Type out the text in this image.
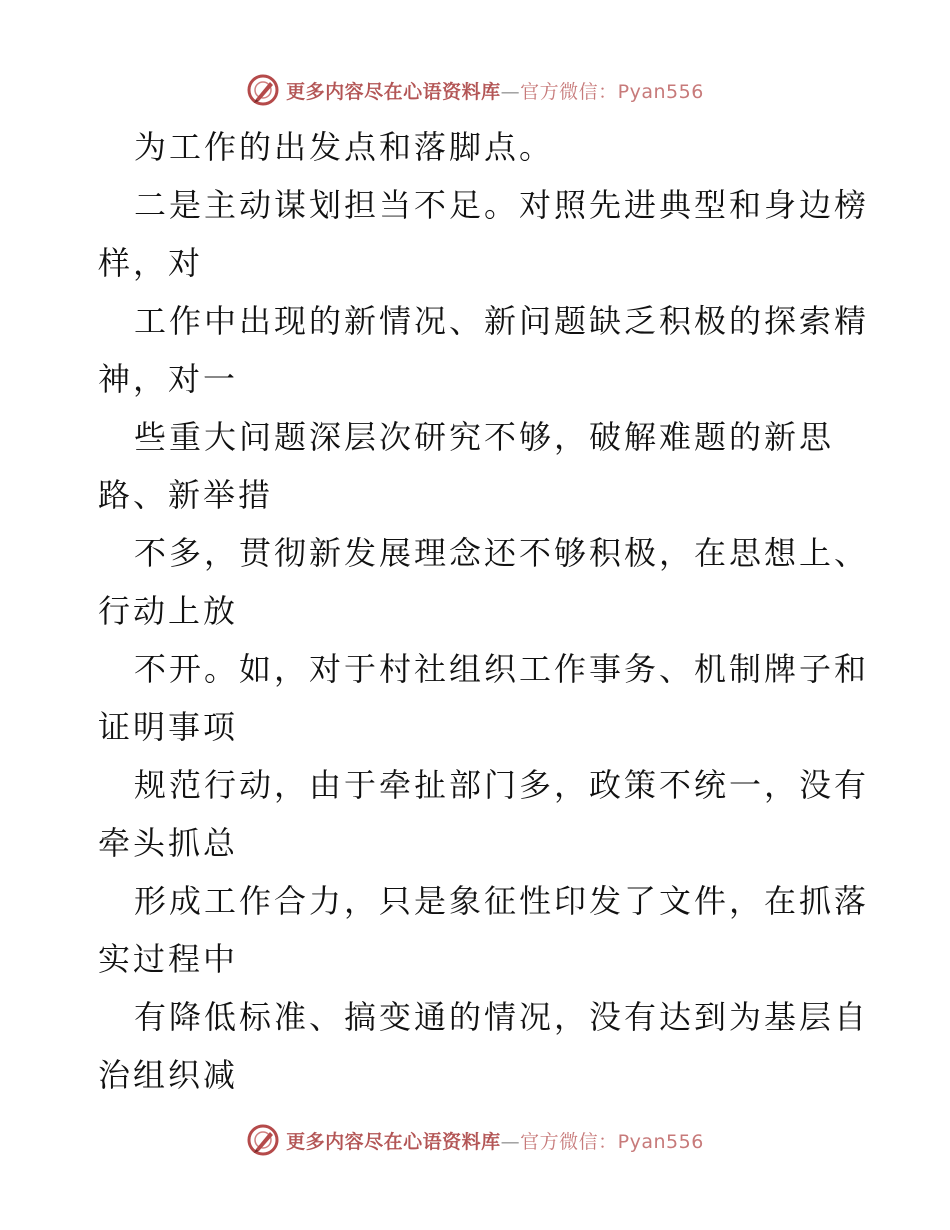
更多内容尽在心语资料库—官方微信：Pyan556
为工作的出发点和落脚点。
二是主动谋划担当不足。对照先进典型和身边榜
样，对
工作中出现的新情况、新问题缺乏积极的探索精
神，对一
些重大问题深层次研究不够，破解难题的新思
路、新举措
不多，贯彻新发展理念还不够积极，在思想上、
行动上放
不开。如，对于村社组织工作事务、机制牌子和
证明事项
规范行动，由于牵扯部门多，政策不统一，没有
牵头抓总
形成工作合力，只是象征性印发了文件，在抓落
实过程中
有降低标准、搞变通的情况，没有达到为基层自
治组织减
更多内容尽在心语资料库—官方微信：Pyan556
